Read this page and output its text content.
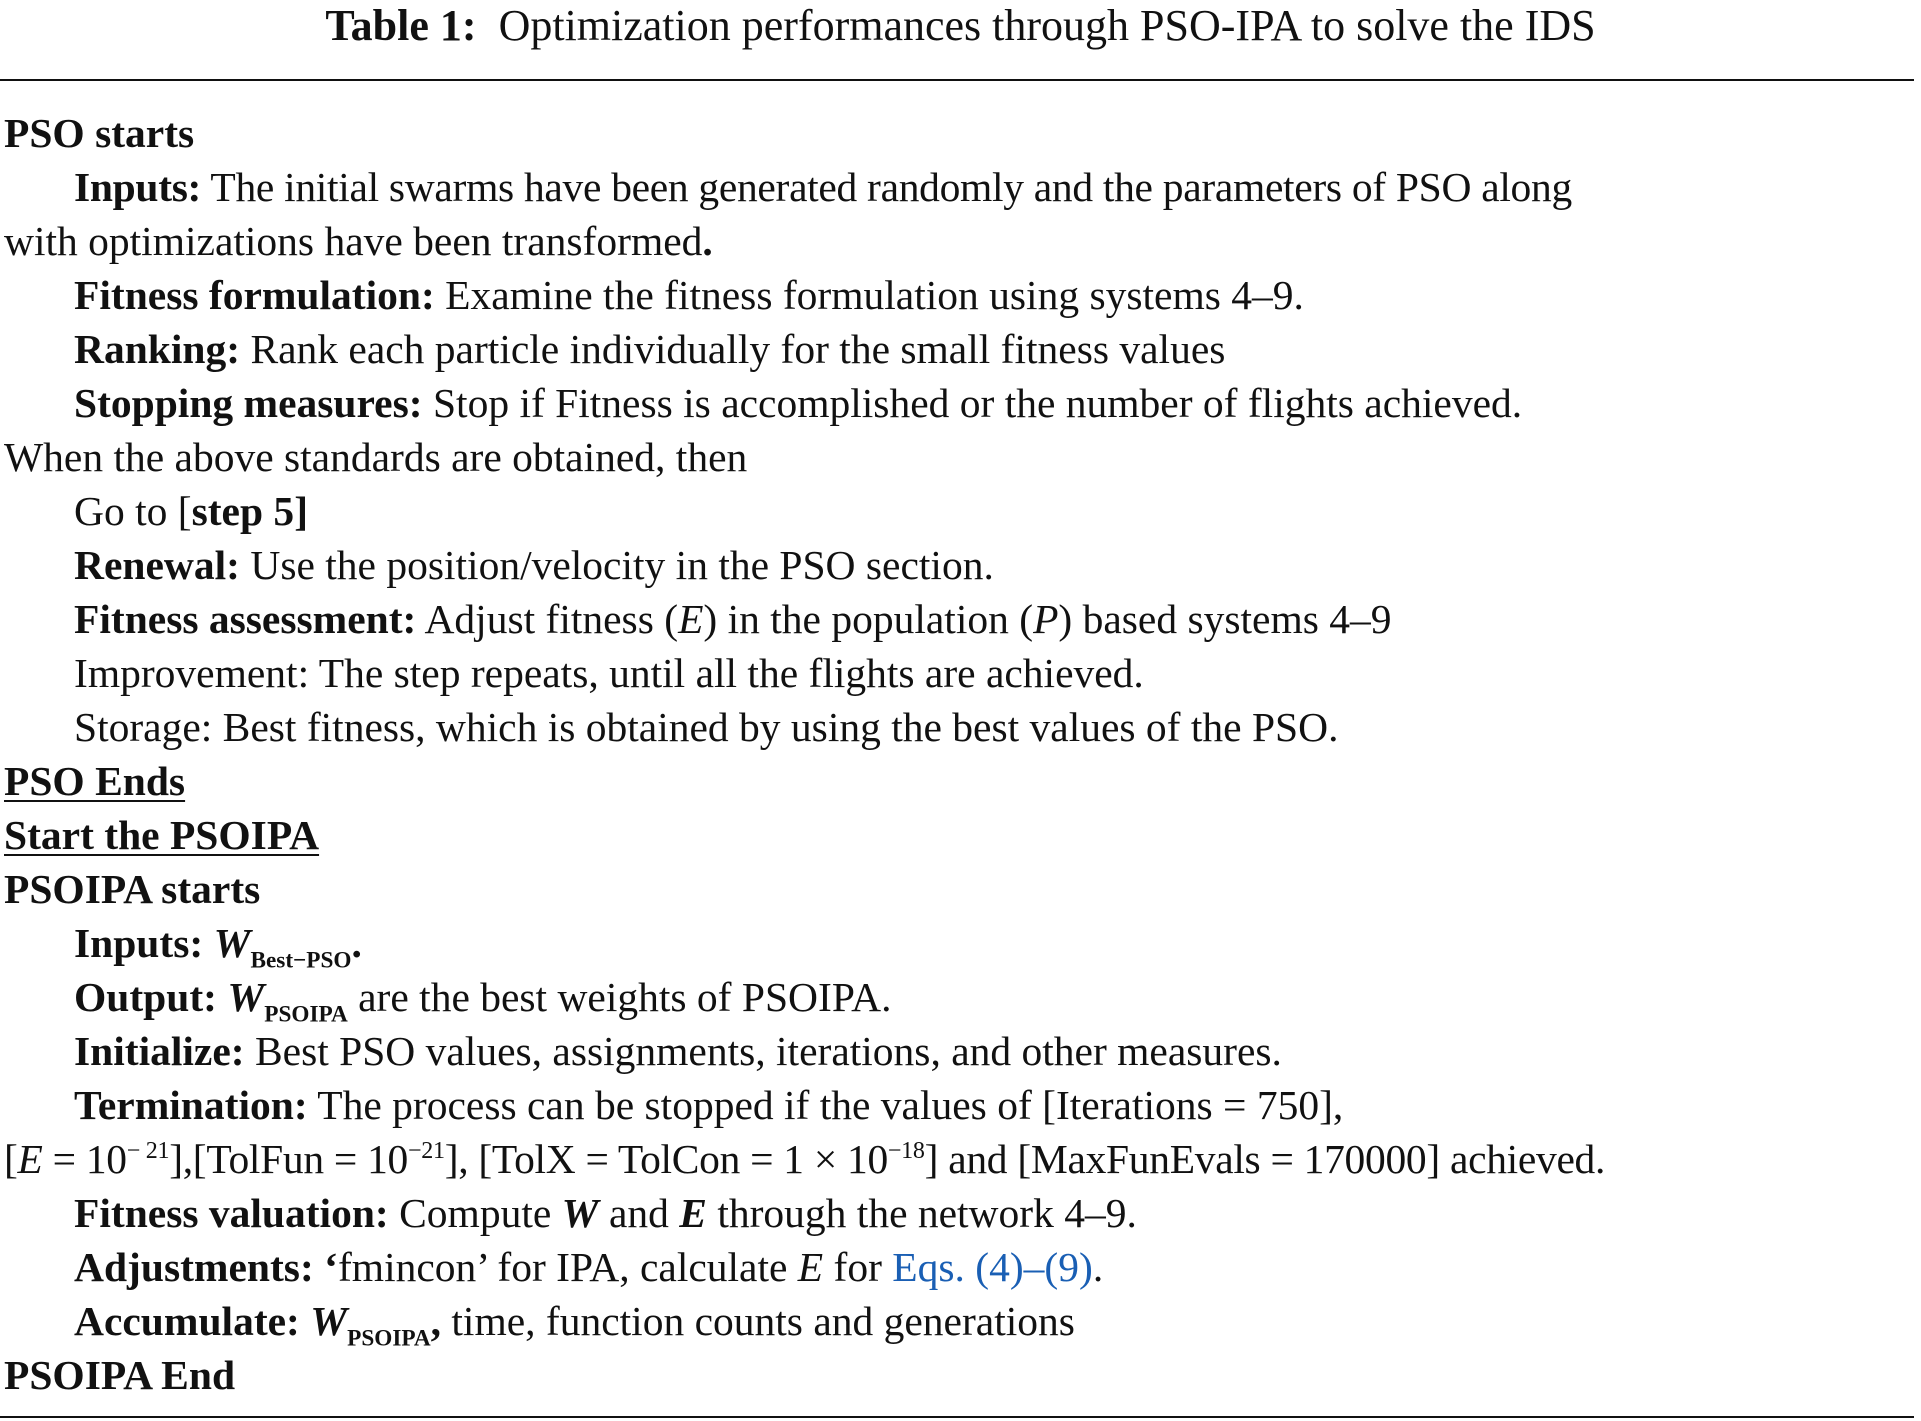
Table 1: Optimization performances through PSO-IPA to solve the IDS
PSO starts
Inputs: The initial swarms have been generated randomly and the parameters of PSO along
with optimizations have been transformed.
Fitness formulation: Examine the fitness formulation using systems 4–9.
Ranking: Rank each particle individually for the small fitness values
Stopping measures: Stop if Fitness is accomplished or the number of flights achieved.
When the above standards are obtained, then
Go to [step 5]
Renewal: Use the position/velocity in the PSO section.
Fitness assessment: Adjust fitness (E) in the population (P) based systems 4–9
Improvement: The step repeats, until all the flights are achieved.
Storage: Best fitness, which is obtained by using the best values of the PSO.
PSO Ends
Start the PSOIPA
PSOIPA starts
Inputs: $W_{Best-PSO}$.
Output: $W_{PSOIPA}$ are the best weights of PSOIPA.
Initialize: Best PSO values, assignments, iterations, and other measures.
Termination: The process can be stopped if the values of [Iterations = 750],
$[E = 10^{- 21}],[TolFun = 10^{-21}]$, [TolX = TolCon = $1 \times 10^{-18}$] and [MaxFunEvals = 170000] achieved.
Fitness valuation: Compute W and E through the network 4–9.
Adjustments: ‘fmincon’ for IPA, calculate E for Eqs. (4)–(9).
Accumulate: $W_{PSOIPA}$, time, function counts and generations
PSOIPA End
